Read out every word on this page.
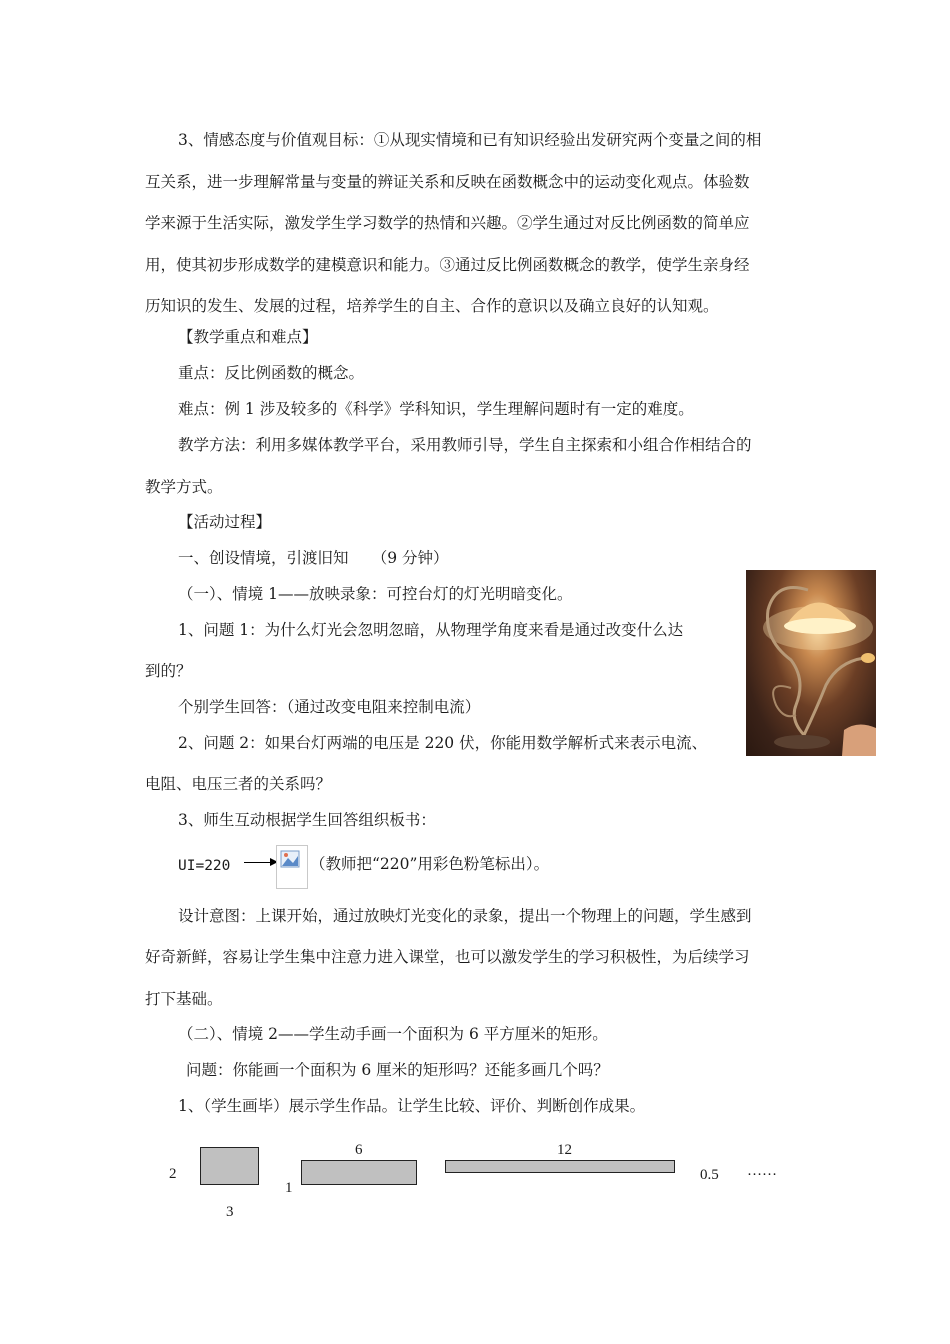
3、情感态度与价值观目标：①从现实情境和已有知识经验出发研究两个变量之间的相
互关系，进一步理解常量与变量的辨证关系和反映在函数概念中的运动变化观点。体验数
学来源于生活实际，激发学生学习数学的热情和兴趣。②学生通过对反比例函数的简单应
用，使其初步形成数学的建模意识和能力。③通过反比例函数概念的教学，使学生亲身经
历知识的发生、发展的过程，培养学生的自主、合作的意识以及确立良好的认知观。
【教学重点和难点】
重点：反比例函数的概念。
难点：例 1 涉及较多的《科学》学科知识，学生理解问题时有一定的难度。
教学方法：利用多媒体教学平台，采用教师引导，学生自主探索和小组合作相结合的
教学方式。
【活动过程】
一、创设情境，引渡旧知　　（9 分钟）
（一）、情境 1——放映录象：可控台灯的灯光明暗变化。
1、问题 1：为什么灯光会忽明忽暗，从物理学角度来看是通过改变什么达
到的？
个别学生回答：（通过改变电阻来控制电流）
2、问题 2：如果台灯两端的电压是 220 伏，你能用数学解析式来表示电流、
电阻、电压三者的关系吗？
3、师生互动根据学生回答组织板书：
UI=220	（教师把“220”用彩色粉笔标出）。
设计意图：上课开始，通过放映灯光变化的录象，提出一个物理上的问题，学生感到
好奇新鲜，容易让学生集中注意力进入课堂，也可以激发学生的学习积极性，为后续学习
打下基础。
（二）、情境 2——学生动手画一个面积为 6 平方厘米的矩形。
问题：你能画一个面积为 6 厘米的矩形吗？还能多画几个吗？
1、（学生画毕）展示学生作品。让学生比较、评价、判断创作成果。
2
3
6
1
12
0.5 ……
